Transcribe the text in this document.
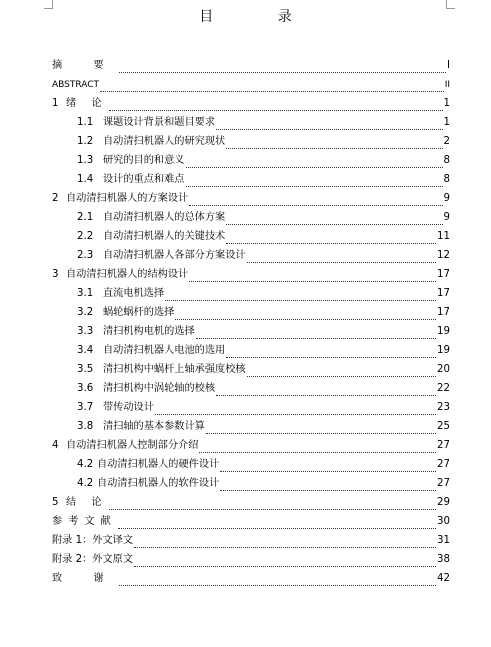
目 录
摘 要	I
ABSTRACT	II
1 绪 论	1
1.1 课题设计背景和题目要求	1
1.2 自动清扫机器人的研究现状	2
1.3 研究的目的和意义	8
1.4 设计的重点和难点	8
2 自动清扫机器人的方案设计	9
2.1 自动清扫机器人的总体方案	9
2.2 自动清扫机器人的关键技术	11
2.3 自动清扫机器人各部分方案设计	12
3 自动清扫机器人的结构设计	17
3.1 直流电机选择	17
3.2 蜗轮蜗杆的选择	17
3.3 清扫机构电机的选择	19
3.4 自动清扫机器人电池的选用	19
3.5 清扫机构中蜗杆上轴承强度校核	20
3.6 清扫机构中涡轮轴的校核	22
3.7 带传动设计	23
3.8 清扫轴的基本参数计算	25
4 自动清扫机器人控制部分介绍	27
4.2 自动清扫机器人的硬件设计	27
4.2 自动清扫机器人的软件设计	27
5 结 论	29
参考文献	30
附录 1：外文译文	31
附录 2：外文原文	38
致 谢	42
